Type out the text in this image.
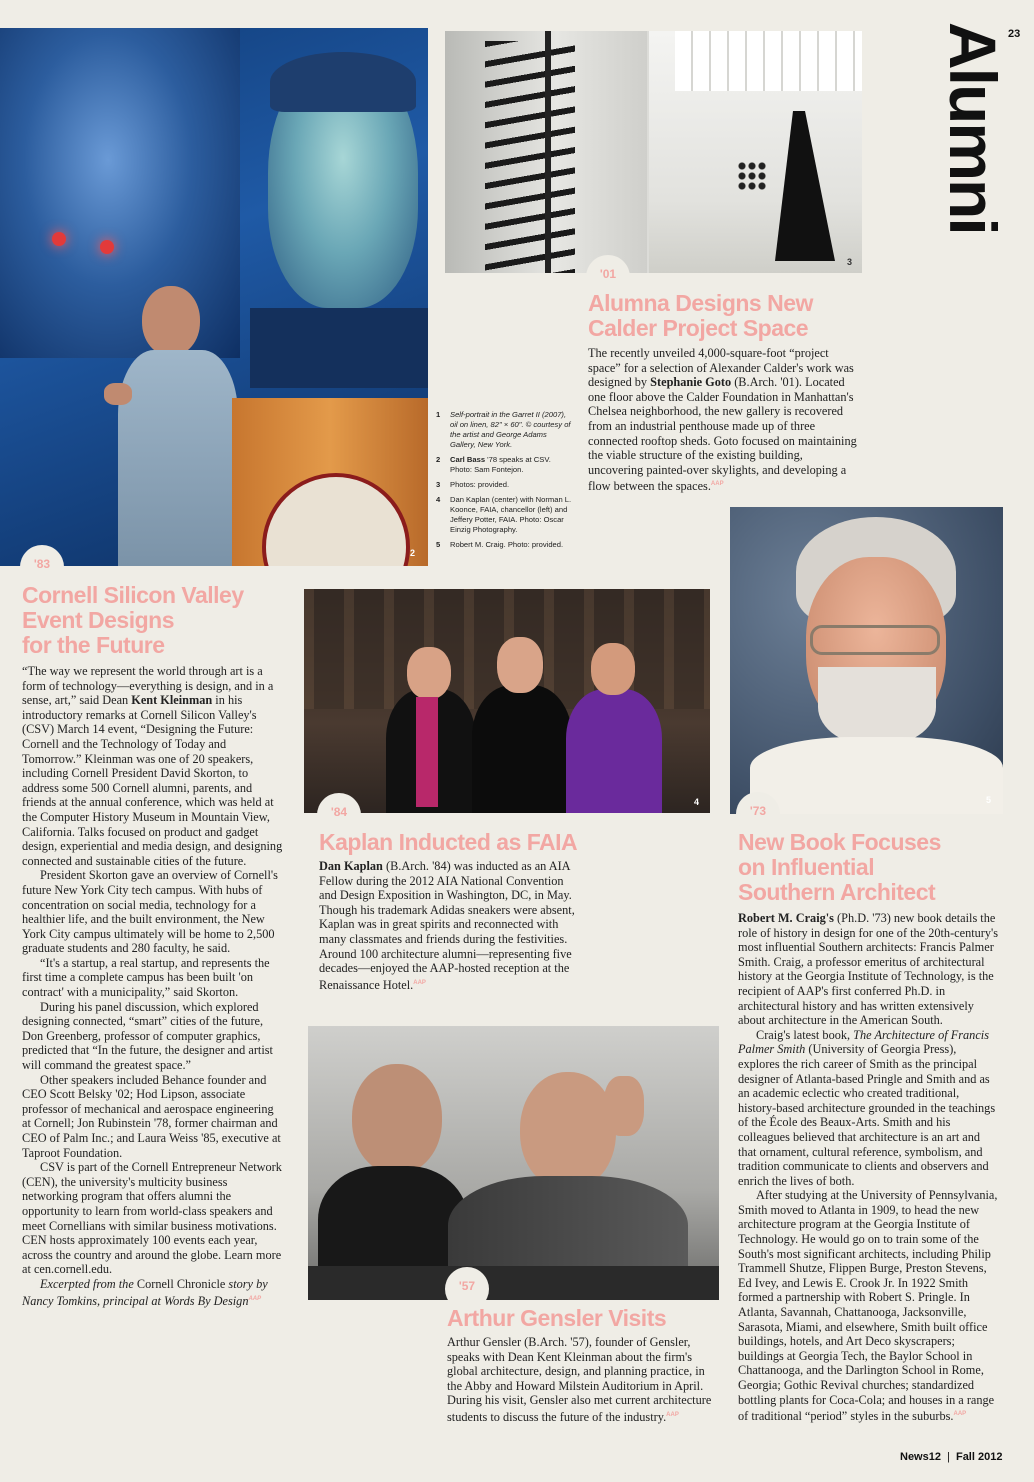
2
3
Alumni
23
'01
Alumna Designs New
Calder Project Space

The recently unveiled 4,000-square-foot “project space” for a selection of Alexander Calder's work was designed by Stephanie Goto (B.Arch. '01). Located one floor above the Calder Foundation in Manhattan's Chelsea neighborhood, the new gallery is recovered from an industrial penthouse made up of three connected rooftop sheds. Goto focused on maintaining the viable structure of the existing building, uncovering painted-over skylights, and developing a flow between the spaces.$^{AAP}$

1	Self-portrait in the Garret II (2007), oil on linen, 82" × 60". © courtesy of the artist and George Adams Gallery, New York.
2	Carl Bass '78 speaks at CSV. Photo: Sam Fontejon.
3	Photos: provided.
4	Dan Kaplan (center) with Norman L. Koonce, FAIA, chancellor (left) and Jeffery Potter, FAIA. Photo: Oscar Einzig Photography.
5	Robert M. Craig. Photo: provided.
5
'83
Cornell Silicon Valley
Event Designs
for the Future

“The way we represent the world through art is a form of technology—everything is design, and in a sense, art,” said Dean Kent Kleinman in his introductory remarks at Cornell Silicon Valley's (CSV) March 14 event, “Designing the Future: Cornell and the Technology of Today and Tomorrow.” Kleinman was one of 20 speakers, including Cornell President David Skorton, to address some 500 Cornell alumni, parents, and friends at the annual conference, which was held at the Computer History Museum in Mountain View, California. Talks focused on product and gadget design, experiential and media design, and designing connected and sustainable cities of the future.

President Skorton gave an overview of Cornell's future New York City tech campus. With hubs of concentration on social media, technology for a healthier life, and the built environment, the New York City campus ultimately will be home to 2,500 graduate students and 280 faculty, he said.

“It's a startup, a real startup, and represents the first time a complete campus has been built 'on contract' with a municipality,” said Skorton.

During his panel discussion, which explored designing connected, “smart” cities of the future, Don Greenberg, professor of computer graphics, predicted that “In the future, the designer and artist will command the greatest space.”

Other speakers included Behance founder and CEO Scott Belsky '02; Hod Lipson, associate professor of mechanical and aerospace engineering at Cornell; Jon Rubinstein '78, former chairman and CEO of Palm Inc.; and Laura Weiss '85, executive at Taproot Foundation.

CSV is part of the Cornell Entrepreneur Network (CEN), the university's multicity business networking program that offers alumni the opportunity to learn from world-class speakers and meet Cornellians with similar business motivations. CEN hosts approximately 100 events each year, across the country and around the globe. Learn more at cen.cornell.edu.

Excerpted from the Cornell Chronicle story by Nancy Tomkins, principal at Words By Design$^{AAP}$

4
'84
Kaplan Inducted as FAIA

Dan Kaplan (B.Arch. '84) was inducted as an AIA Fellow during the 2012 AIA National Convention and Design Exposition in Washington, DC, in May. Though his trademark Adidas sneakers were absent, Kaplan was in great spirits and reconnected with many classmates and friends during the festivities. Around 100 architecture alumni—representing five decades—enjoyed the AAP-hosted reception at the Renaissance Hotel.$^{AAP}$

'73
New Book Focuses
on Influential
Southern Architect

Robert M. Craig's (Ph.D. '73) new book details the role of history in design for one of the 20th-century's most influential Southern architects: Francis Palmer Smith. Craig, a professor emeritus of architectural history at the Georgia Institute of Technology, is the recipient of AAP's first conferred Ph.D. in architectural history and has written extensively about architecture in the American South.

Craig's latest book, The Architecture of Francis Palmer Smith (University of Georgia Press), explores the rich career of Smith as the principal designer of Atlanta-based Pringle and Smith and as an academic eclectic who created traditional, history-based architecture grounded in the teachings of the École des Beaux-Arts. Smith and his colleagues believed that architecture is an art and that ornament, cultural reference, symbolism, and tradition communicate to clients and observers and enrich the lives of both.

After studying at the University of Pennsylvania, Smith moved to Atlanta in 1909, to head the new architecture program at the Georgia Institute of Technology. He would go on to train some of the South's most significant architects, including Philip Trammell Shutze, Flippen Burge, Preston Stevens, Ed Ivey, and Lewis E. Crook Jr. In 1922 Smith formed a partnership with Robert S. Pringle. In Atlanta, Savannah, Chattanooga, Jacksonville, Sarasota, Miami, and elsewhere, Smith built office buildings, hotels, and Art Deco skyscrapers; buildings at Georgia Tech, the Baylor School in Chattanooga, and the Darlington School in Rome, Georgia; Gothic Revival churches; standardized bottling plants for Coca-Cola; and houses in a range of traditional “period” styles in the suburbs.$^{AAP}$

'57
Arthur Gensler Visits

Arthur Gensler (B.Arch. '57), founder of Gensler, speaks with Dean Kent Kleinman about the firm's global architecture, design, and planning practice, in the Abby and Howard Milstein Auditorium in April. During his visit, Gensler also met current architecture students to discuss the future of the industry.$^{AAP}$

News12 | Fall 2012
